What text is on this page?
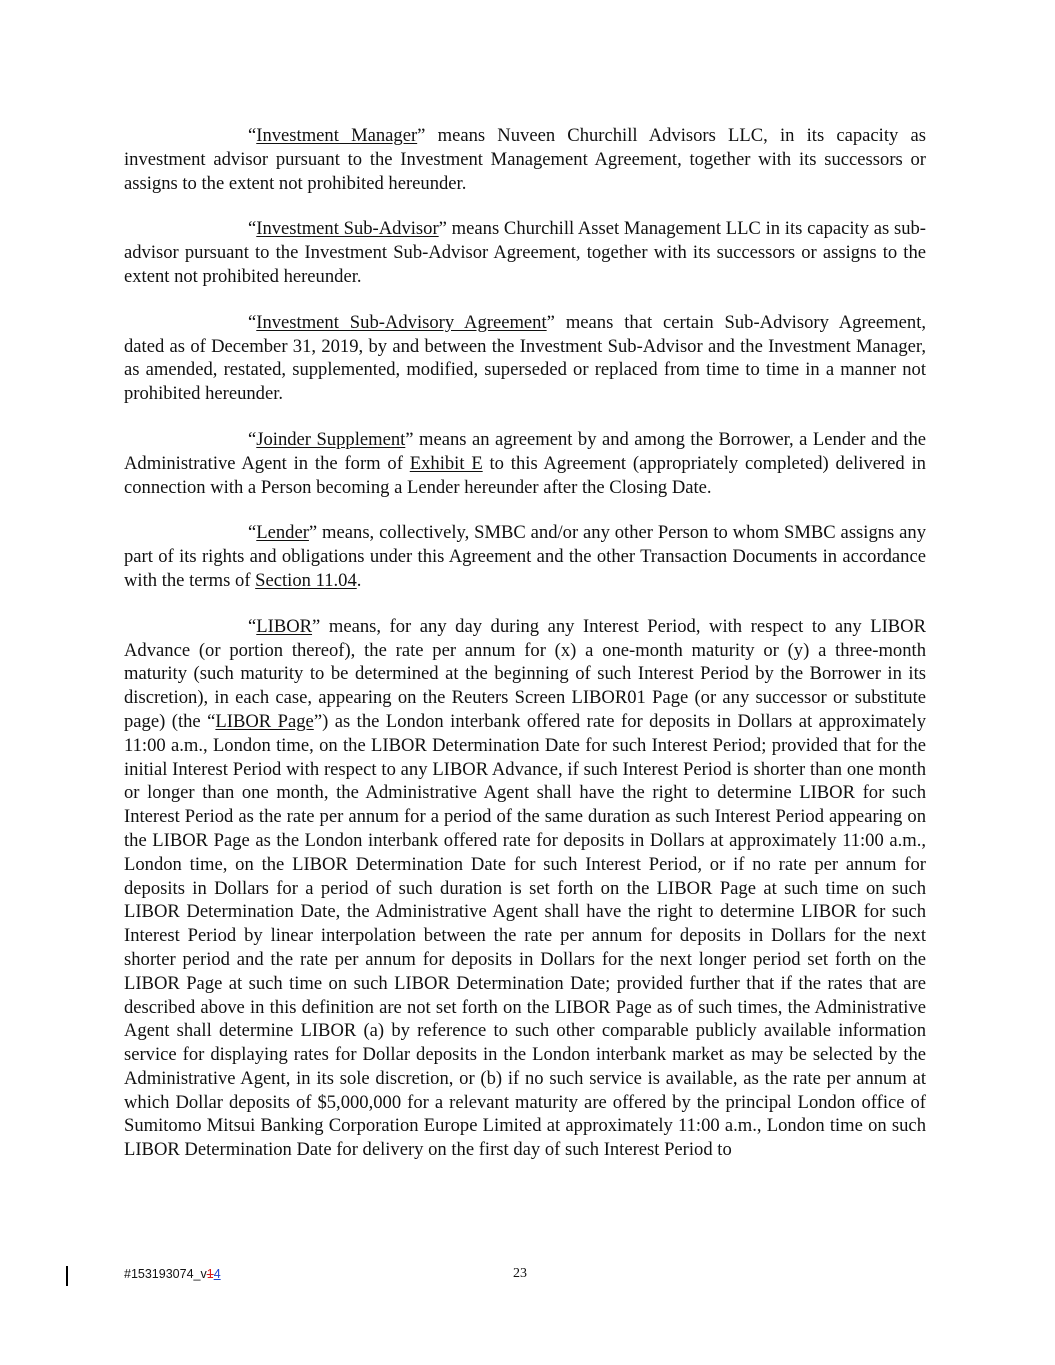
“Investment Manager” means Nuveen Churchill Advisors LLC, in its capacity as investment advisor pursuant to the Investment Management Agreement, together with its successors or assigns to the extent not prohibited hereunder.

“Investment Sub-Advisor” means Churchill Asset Management LLC in its capacity as sub-advisor pursuant to the Investment Sub-Advisor Agreement, together with its successors or assigns to the extent not prohibited hereunder.

“Investment Sub-Advisory Agreement” means that certain Sub-Advisory Agreement, dated as of December 31, 2019, by and between the Investment Sub-Advisor and the Investment Manager, as amended, restated, supplemented, modified, superseded or replaced from time to time in a manner not prohibited hereunder.

“Joinder Supplement” means an agreement by and among the Borrower, a Lender and the Administrative Agent in the form of Exhibit E to this Agreement (appropriately completed) delivered in connection with a Person becoming a Lender hereunder after the Closing Date.

“Lender” means, collectively, SMBC and/or any other Person to whom SMBC assigns any part of its rights and obligations under this Agreement and the other Transaction Documents in accordance with the terms of Section 11.04.

“LIBOR” means, for any day during any Interest Period, with respect to any LIBOR Advance (or portion thereof), the rate per annum for (x) a one-month maturity or (y) a three-month maturity (such maturity to be determined at the beginning of such Interest Period by the Borrower in its discretion), in each case, appearing on the Reuters Screen LIBOR01 Page (or any successor or substitute page) (the “LIBOR Page”) as the London interbank offered rate for deposits in Dollars at approximately 11:00 a.m., London time, on the LIBOR Determination Date for such Interest Period; provided that for the initial Interest Period with respect to any LIBOR Advance, if such Interest Period is shorter than one month or longer than one month, the Administrative Agent shall have the right to determine LIBOR for such Interest Period as the rate per annum for a period of the same duration as such Interest Period appearing on the LIBOR Page as the London interbank offered rate for deposits in Dollars at approximately 11:00 a.m., London time, on the LIBOR Determination Date for such Interest Period, or if no rate per annum for deposits in Dollars for a period of such duration is set forth on the LIBOR Page at such time on such LIBOR Determination Date, the Administrative Agent shall have the right to determine LIBOR for such Interest Period by linear interpolation between the rate per annum for deposits in Dollars for the next shorter period and the rate per annum for deposits in Dollars for the next longer period set forth on the LIBOR Page at such time on such LIBOR Determination Date; provided further that if the rates that are described above in this definition are not set forth on the LIBOR Page as of such times, the Administrative Agent shall determine LIBOR (a) by reference to such other comparable publicly available information service for displaying rates for Dollar deposits in the London interbank market as may be selected by the Administrative Agent, in its sole discretion, or (b) if no such service is available, as the rate per annum at which Dollar deposits of $5,000,000 for a relevant maturity are offered by the principal London office of Sumitomo Mitsui Banking Corporation Europe Limited at approximately 11:00 a.m., London time on such LIBOR Determination Date for delivery on the first day of such Interest Period to

#153193074_v14	23
